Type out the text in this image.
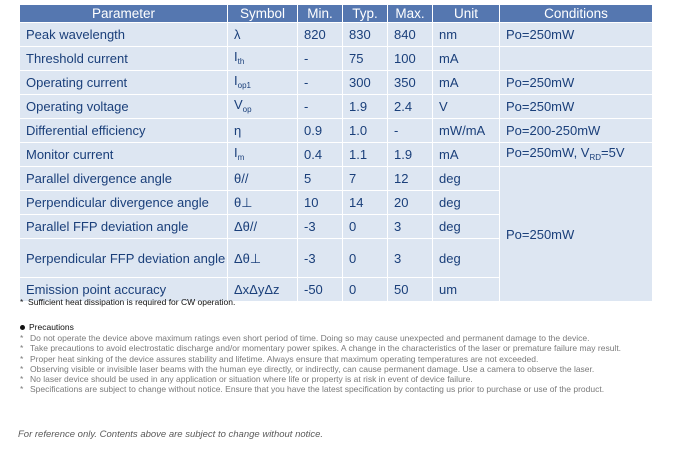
Parameter	Symbol	Min.	Typ.	Max.	Unit	Conditions
Peak wavelength	λ	820	830	840	nm	Po=250mW
Threshold current	$I_{th}$	-	75	100	mA	
Operating current	$I_{op1}$	-	300	350	mA	Po=250mW
Operating voltage	$V_{op}$	-	1.9	2.4	V	Po=250mW
Differential efficiency	η	0.9	1.0	-	mW/mA	Po=200-250mW
Monitor current	$I_m$	0.4	1.1	1.9	mA	Po=250mW, $V_{RD}=5V$
Parallel divergence angle	θ//	5	7	12	deg	Po=250mW
Perpendicular divergence angle	θ⊥	10	14	20	deg	
Parallel FFP deviation angle	Δθ//	-3	0	3	deg	
Perpendicular FFP deviation angle	Δθ⊥	-3	0	3	deg	
Emission point accuracy	ΔxΔyΔz	-50	0	50	um	
* Sufficient heat dissipation is required for CW operation.
Precautions
* Do not operate the device above maximum ratings even short period of time. Doing so may cause unexpected and permanent damage to the device.
* Take precautions to avoid electrostatic discharge and/or momentary power spikes. A change in the characteristics of the laser or premature failure may result.
* Proper heat sinking of the device assures stability and lifetime. Always ensure that maximum operating temperatures are not exceeded.
* Observing visible or invisible laser beams with the human eye directly, or indirectly, can cause permanent damage. Use a camera to observe the laser.
* No laser device should be used in any application or situation where life or property is at risk in event of device failure.
* Specifications are subject to change without notice. Ensure that you have the latest specification by contacting us prior to purchase or use of the product.
For reference only. Contents above are subject to change without notice.
